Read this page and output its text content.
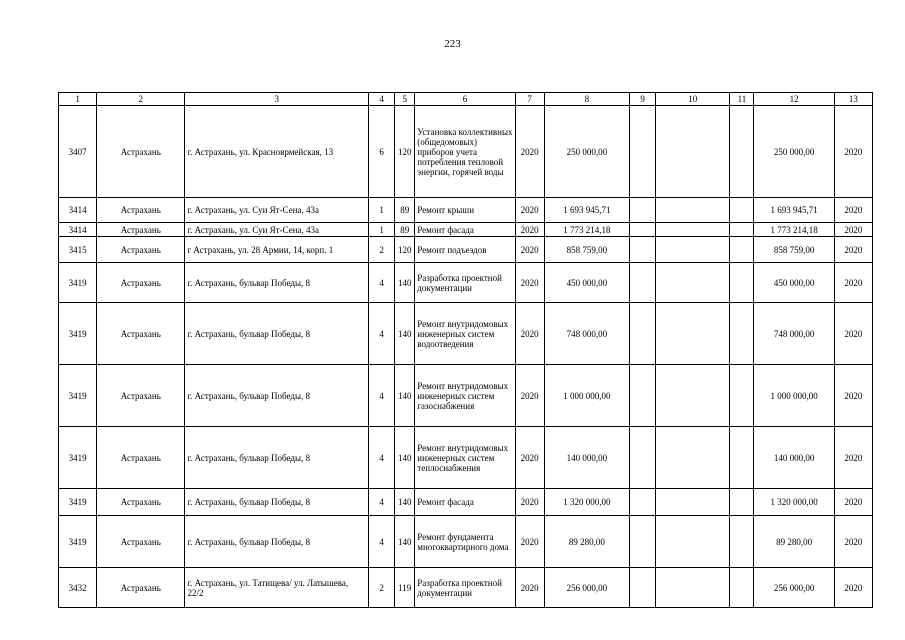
223
1	2	3	4	5	6	7	8	9	10	11	12	13
3407	Астрахань	г. Астрахань, ул. Красноврмейская, 13	6	120	Установка коллективных (общедомовых) приборов учета потребления тепловой энергии, горячей воды	2020	250 000,00				250 000,00	2020
3414	Астрахань	г. Астрахань, ул. Суи Ят-Сена, 43а	1	89	Ремонт крыши	2020	1 693 945,71				1 693 945,71	2020
3414	Астрахань	г. Астрахань, ул. Суи Ят-Сена, 43а	1	89	Ремонт фасада	2020	1 773 214,18				1 773 214,18	2020
3415	Астрахань	г Астрахань, ул. 28 Армии, 14, корп. 1	2	120	Ремонт подъездов	2020	858 759,00				858 759,00	2020
3419	Астрахань	г. Астрахань, бульвар Победы, 8	4	140	Разработка проектной документации	2020	450 000,00				450 000,00	2020
3419	Астрахань	г. Астрахань, бульвар Победы, 8	4	140	Ремонт внутридомовых инженерных систем водоотведения	2020	748 000,00				748 000,00	2020
3419	Астрахань	г. Астрахань, бульвар Победы, 8	4	140	Ремонт внутридомовых инженерных систем газоснабжения	2020	1 000 000,00				1 000 000,00	2020
3419	Астрахань	г. Астрахань, бульвар Победы, 8	4	140	Ремонт внутридомовых инженерных систем теплоснабжения	2020	140 000,00				140 000,00	2020
3419	Астрахань	г. Астрахань, бульвар Победы, 8	4	140	Ремонт фасада	2020	1 320 000,00				1 320 000,00	2020
3419	Астрахань	г. Астрахань, бульвар Победы, 8	4	140	Ремонт фундамента многоквартирного дома	2020	89 280,00				89 280,00	2020
3432	Астрахань	г. Астрахань, ул. Татищева/ ул. Латышева, 22/2	2	119	Разработка проектной документации	2020	256 000,00				256 000,00	2020
